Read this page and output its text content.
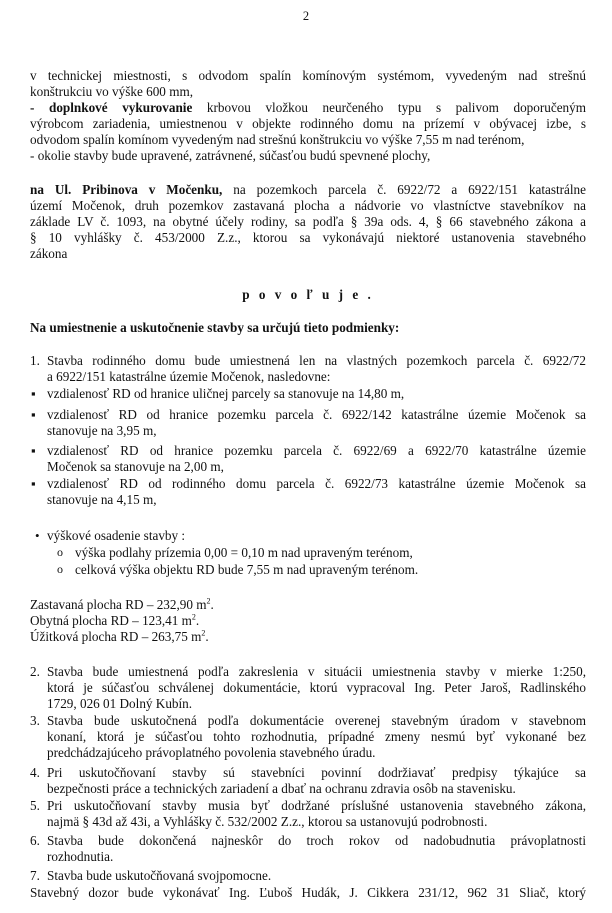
2
v technickej miestnosti, s odvodom spalín komínovým systémom, vyvedeným nad strešnú
konštrukciu vo výške 600 mm,
- doplnkové vykurovanie krbovou vložkou neurčeného typu s palivom doporučeným
výrobcom zariadenia, umiestnenou v objekte rodinného domu na prízemí v obývacej izbe, s
odvodom spalín komínom vyvedeným nad strešnú konštrukciu vo výške 7,55 m nad terénom,
- okolie stavby bude upravené, zatrávnené, súčasťou budú spevnené plochy,
na Ul. Pribinova v Močenku, na pozemkoch parcela č. 6922/72 a 6922/151 katastrálne
území Močenok, druh pozemkov zastavaná plocha a nádvorie vo vlastníctve stavebníkov na
základe LV č. 1093, na obytné účely rodiny, sa podľa § 39a ods. 4, § 66 stavebného zákona a
§ 10 vyhlášky č. 453/2000 Z.z., ktorou sa vykonávajú niektoré ustanovenia stavebného
zákona
p o v o ľ u j e .
Na umiestnenie a uskutočnenie stavby sa určujú tieto podmienky:
1. Stavba rodinného domu bude umiestnená len na vlastných pozemkoch parcela č. 6922/72
a 6922/151 katastrálne územie Močenok, nasledovne:
▪ vzdialenosť RD od hranice uličnej parcely sa stanovuje na 14,80 m,
▪ vzdialenosť RD od hranice pozemku parcela č. 6922/142 katastrálne územie Močenok sa
stanovuje na 3,95 m,
▪ vzdialenosť RD od hranice pozemku parcela č. 6922/69 a 6922/70 katastrálne územie
Močenok sa stanovuje na 2,00 m,
▪ vzdialenosť RD od rodinného domu parcela č. 6922/73 katastrálne územie Močenok sa
stanovuje na 4,15 m,
• výškové osadenie stavby :
o výška podlahy prízemia 0,00 = 0,10 m nad upraveným terénom,
o celková výška objektu RD bude 7,55 m nad upraveným terénom.
Zastavaná plocha RD – 232,90 $m^2$.
Obytná plocha RD – 123,41 $m^2$.
Úžitková plocha RD – 263,75 $m^2$.
2. Stavba bude umiestnená podľa zakreslenia v situácii umiestnenia stavby v mierke 1:250,
ktorá je súčasťou schválenej dokumentácie, ktorú vypracoval Ing. Peter Jaroš, Radlinského
1729, 026 01 Dolný Kubín.
3. Stavba bude uskutočnená podľa dokumentácie overenej stavebným úradom v stavebnom
konaní, ktorá je súčasťou tohto rozhodnutia, prípadné zmeny nesmú byť vykonané bez
predchádzajúceho právoplatného povolenia stavebného úradu.
4. Pri uskutočňovaní stavby sú stavebníci povinní dodržiavať predpisy týkajúce sa
bezpečnosti práce a technických zariadení a dbať na ochranu zdravia osôb na stavenisku.
5. Pri uskutočňovaní stavby musia byť dodržané príslušné ustanovenia stavebného zákona,
najmä § 43d až 43i, a Vyhlášky č. 532/2002 Z.z., ktorou sa ustanovujú podrobnosti.
6. Stavba bude dokončená najneskôr do troch rokov od nadobudnutia právoplatnosti
rozhodnutia.
7. Stavba bude uskutočňovaná svojpomocne.
Stavebný dozor bude vykonávať Ing. Ľuboš Hudák, J. Cikkera 231/12, 962 31 Sliač, ktorý
